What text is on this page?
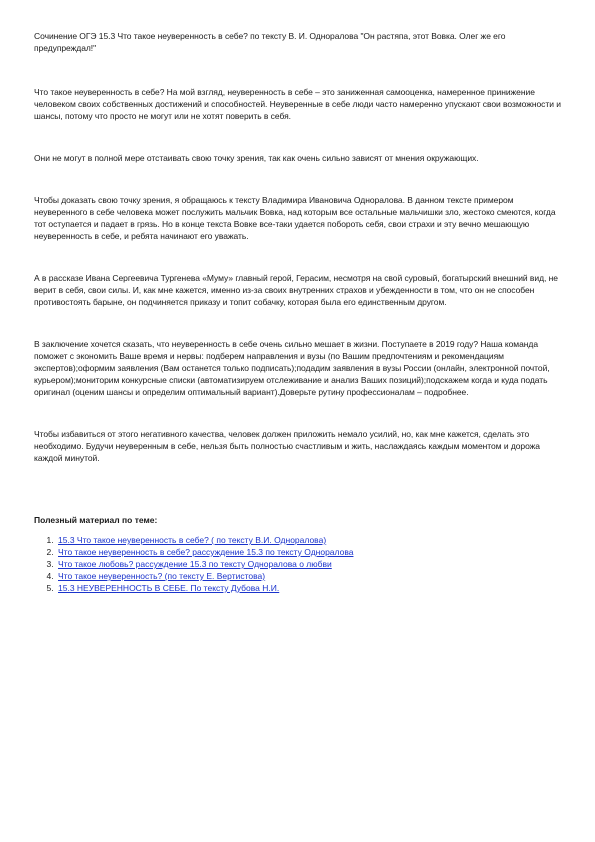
Сочинение ОГЭ 15.3 Что такое неуверенность в себе? по тексту В. И. Одноралова "Он растяпа, этот Вовка. Олег же его предупреждал!"

Что такое неуверенность в себе? На мой взгляд, неуверенность в себе – это заниженная самооценка, намеренное принижение человеком своих собственных достижений и способностей. Неуверенные в себе люди часто намеренно упускают свои возможности и шансы, потому что просто не могут или не хотят поверить в себя.

Они не могут в полной мере отстаивать свою точку зрения, так как очень сильно зависят от мнения окружающих.

Чтобы доказать свою точку зрения, я обращаюсь к тексту Владимира Ивановича Одноралова. В данном тексте примером неуверенного в себе человека может послужить мальчик Вовка, над которым все остальные мальчишки зло, жестоко смеются, когда тот оступается и падает в грязь. Но в конце текста Вовке все-таки удается побороть себя, свои страхи и эту вечно мешающую неуверенность в себе, и ребята начинают его уважать.

А в рассказе Ивана Сергеевича Тургенева «Муму» главный герой, Герасим, несмотря на свой суровый, богатырский внешний вид, не верит в себя, свои силы. И, как мне кажется, именно из-за своих внутренних страхов и убежденности в том, что он не способен противостоять барыне, он подчиняется приказу и топит собачку, которая была его единственным другом.

В заключение хочется сказать, что неуверенность в себе очень сильно мешает в жизни. Поступаете в 2019 году? Наша команда поможет с экономить Ваше время и нервы: подберем направления и вузы (по Вашим предпочтениям и рекомендациям экспертов);оформим заявления (Вам останется только подписать);подадим заявления в вузы России (онлайн, электронной почтой, курьером);мониторим конкурсные списки (автоматизируем отслеживание и анализ Ваших позиций);подскажем когда и куда подать оригинал (оценим шансы и определим оптимальный вариант).Доверьте рутину профессионалам – подробнее.

Чтобы избавиться от этого негативного качества, человек должен приложить немало усилий, но, как мне кажется, сделать это необходимо. Будучи неуверенным в себе, нельзя быть полностью счастливым и жить, наслаждаясь каждым моментом и дорожа каждой минутой.

Полезный материал по теме:
1. 15.3 Что такое неуверенность в себе? ( по тексту В.И. Одноралова)
2. Что такое неуверенность в себе? рассуждение 15.3 по тексту Одноралова
3. Что такое любовь? рассуждение 15.3 по тексту Одноралова о любви
4. Что такое неуверенность? (по тексту Е. Вертистова)
5. 15.3 НЕУВЕРЕННОСТЬ В СЕБЕ. По тексту Дубова Н.И.
